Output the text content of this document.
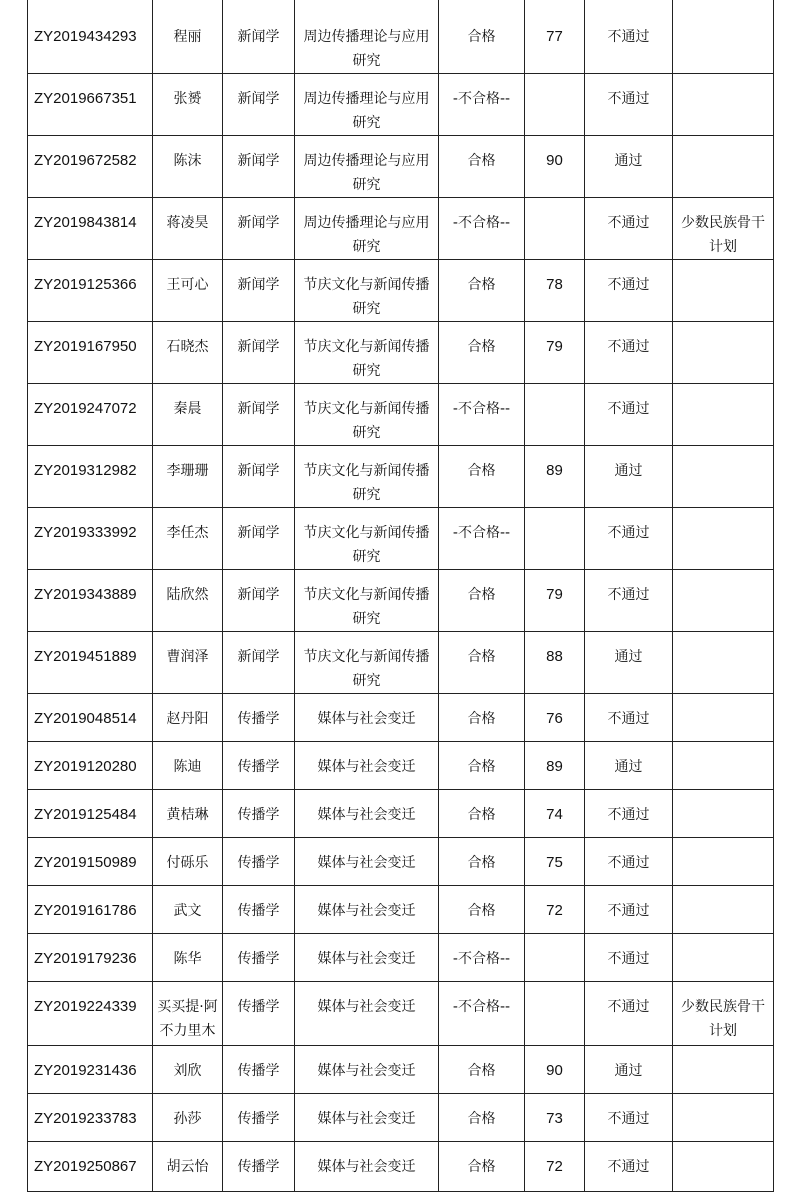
ZY2019434293	程丽	新闻学	周边传播理论与应用研究	合格	77	不通过	
ZY2019667351	张赟	新闻学	周边传播理论与应用研究	-不合格--		不通过	
ZY2019672582	陈沫	新闻学	周边传播理论与应用研究	合格	90	通过	
ZY2019843814	蒋凌昊	新闻学	周边传播理论与应用研究	-不合格--		不通过	少数民族骨干计划
ZY2019125366	王可心	新闻学	节庆文化与新闻传播研究	合格	78	不通过	
ZY2019167950	石晓杰	新闻学	节庆文化与新闻传播研究	合格	79	不通过	
ZY2019247072	秦晨	新闻学	节庆文化与新闻传播研究	-不合格--		不通过	
ZY2019312982	李珊珊	新闻学	节庆文化与新闻传播研究	合格	89	通过	
ZY2019333992	李任杰	新闻学	节庆文化与新闻传播研究	-不合格--		不通过	
ZY2019343889	陆欣然	新闻学	节庆文化与新闻传播研究	合格	79	不通过	
ZY2019451889	曹润泽	新闻学	节庆文化与新闻传播研究	合格	88	通过	
ZY2019048514	赵丹阳	传播学	媒体与社会变迁	合格	76	不通过	
ZY2019120280	陈迪	传播学	媒体与社会变迁	合格	89	通过	
ZY2019125484	黄桔琳	传播学	媒体与社会变迁	合格	74	不通过	
ZY2019150989	付砾乐	传播学	媒体与社会变迁	合格	75	不通过	
ZY2019161786	武文	传播学	媒体与社会变迁	合格	72	不通过	
ZY2019179236	陈华	传播学	媒体与社会变迁	-不合格--		不通过	
ZY2019224339	买买提·阿不力里木	传播学	媒体与社会变迁	-不合格--		不通过	少数民族骨干计划
ZY2019231436	刘欣	传播学	媒体与社会变迁	合格	90	通过	
ZY2019233783	孙莎	传播学	媒体与社会变迁	合格	73	不通过	
ZY2019250867	胡云怡	传播学	媒体与社会变迁	合格	72	不通过	
